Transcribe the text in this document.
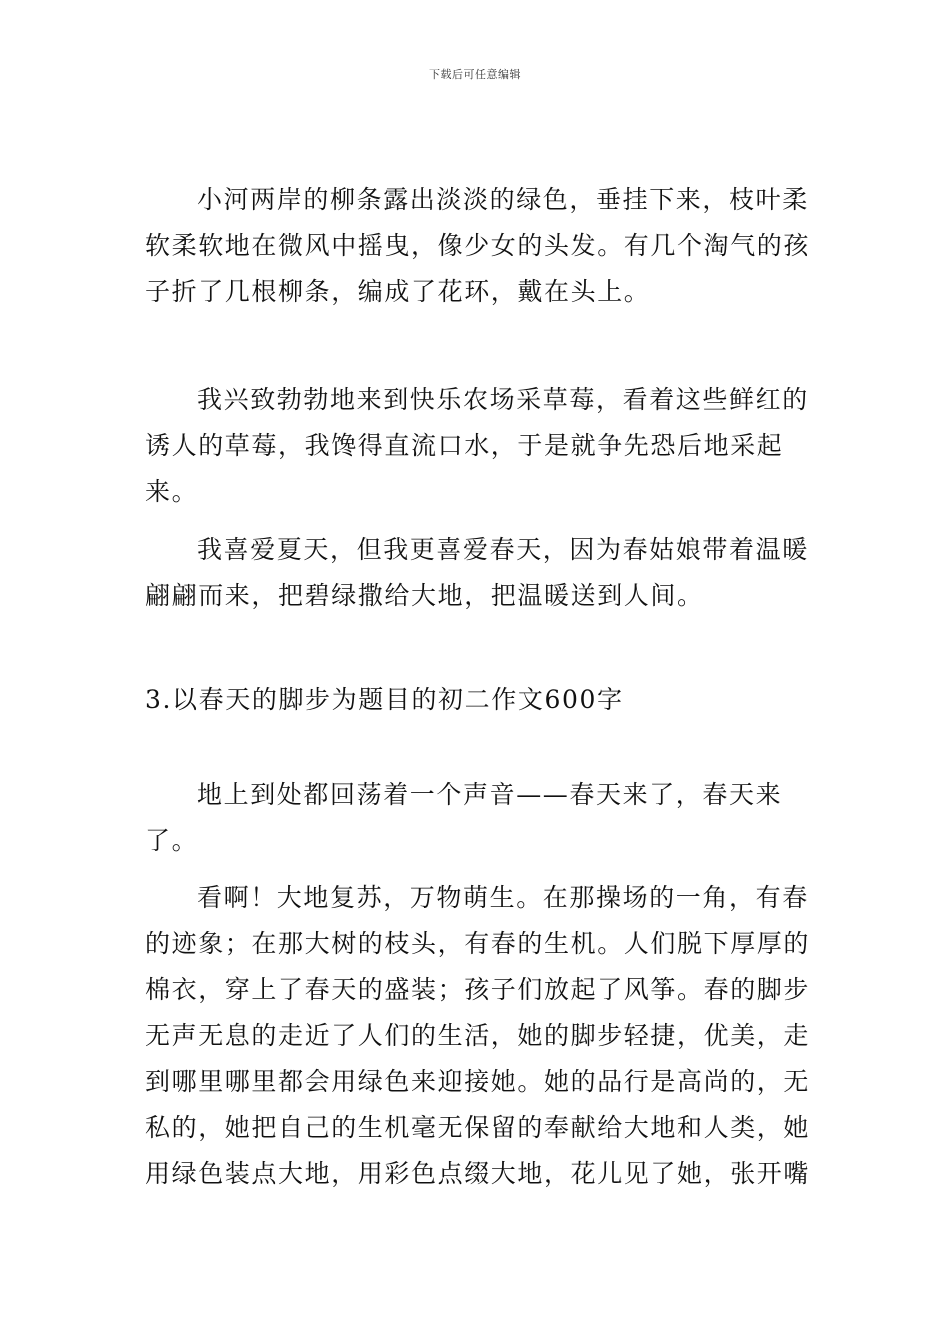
下载后可任意编辑

小河两岸的柳条露出淡淡的绿色，垂挂下来，枝叶柔软柔软地在微风中摇曳，像少女的头发。有几个淘气的孩子折了几根柳条，编成了花环，戴在头上。

我兴致勃勃地来到快乐农场采草莓，看着这些鲜红的诱人的草莓，我馋得直流口水，于是就争先恐后地采起来。

我喜爱夏天，但我更喜爱春天，因为春姑娘带着温暖翩翩而来，把碧绿撒给大地，把温暖送到人间。

3.以春天的脚步为题目的初二作文600字

地上到处都回荡着一个声音——春天来了，春天来了。

看啊！大地复苏，万物萌生。在那操场的一角，有春的迹象；在那大树的枝头，有春的生机。人们脱下厚厚的棉衣，穿上了春天的盛装；孩子们放起了风筝。春的脚步无声无息的走近了人们的生活，她的脚步轻捷，优美，走到哪里哪里都会用绿色来迎接她。她的品行是高尚的，无私的，她把自己的生机毫无保留的奉献给大地和人类，她用绿色装点大地，用彩色点缀大地，花儿见了她，张开嘴
